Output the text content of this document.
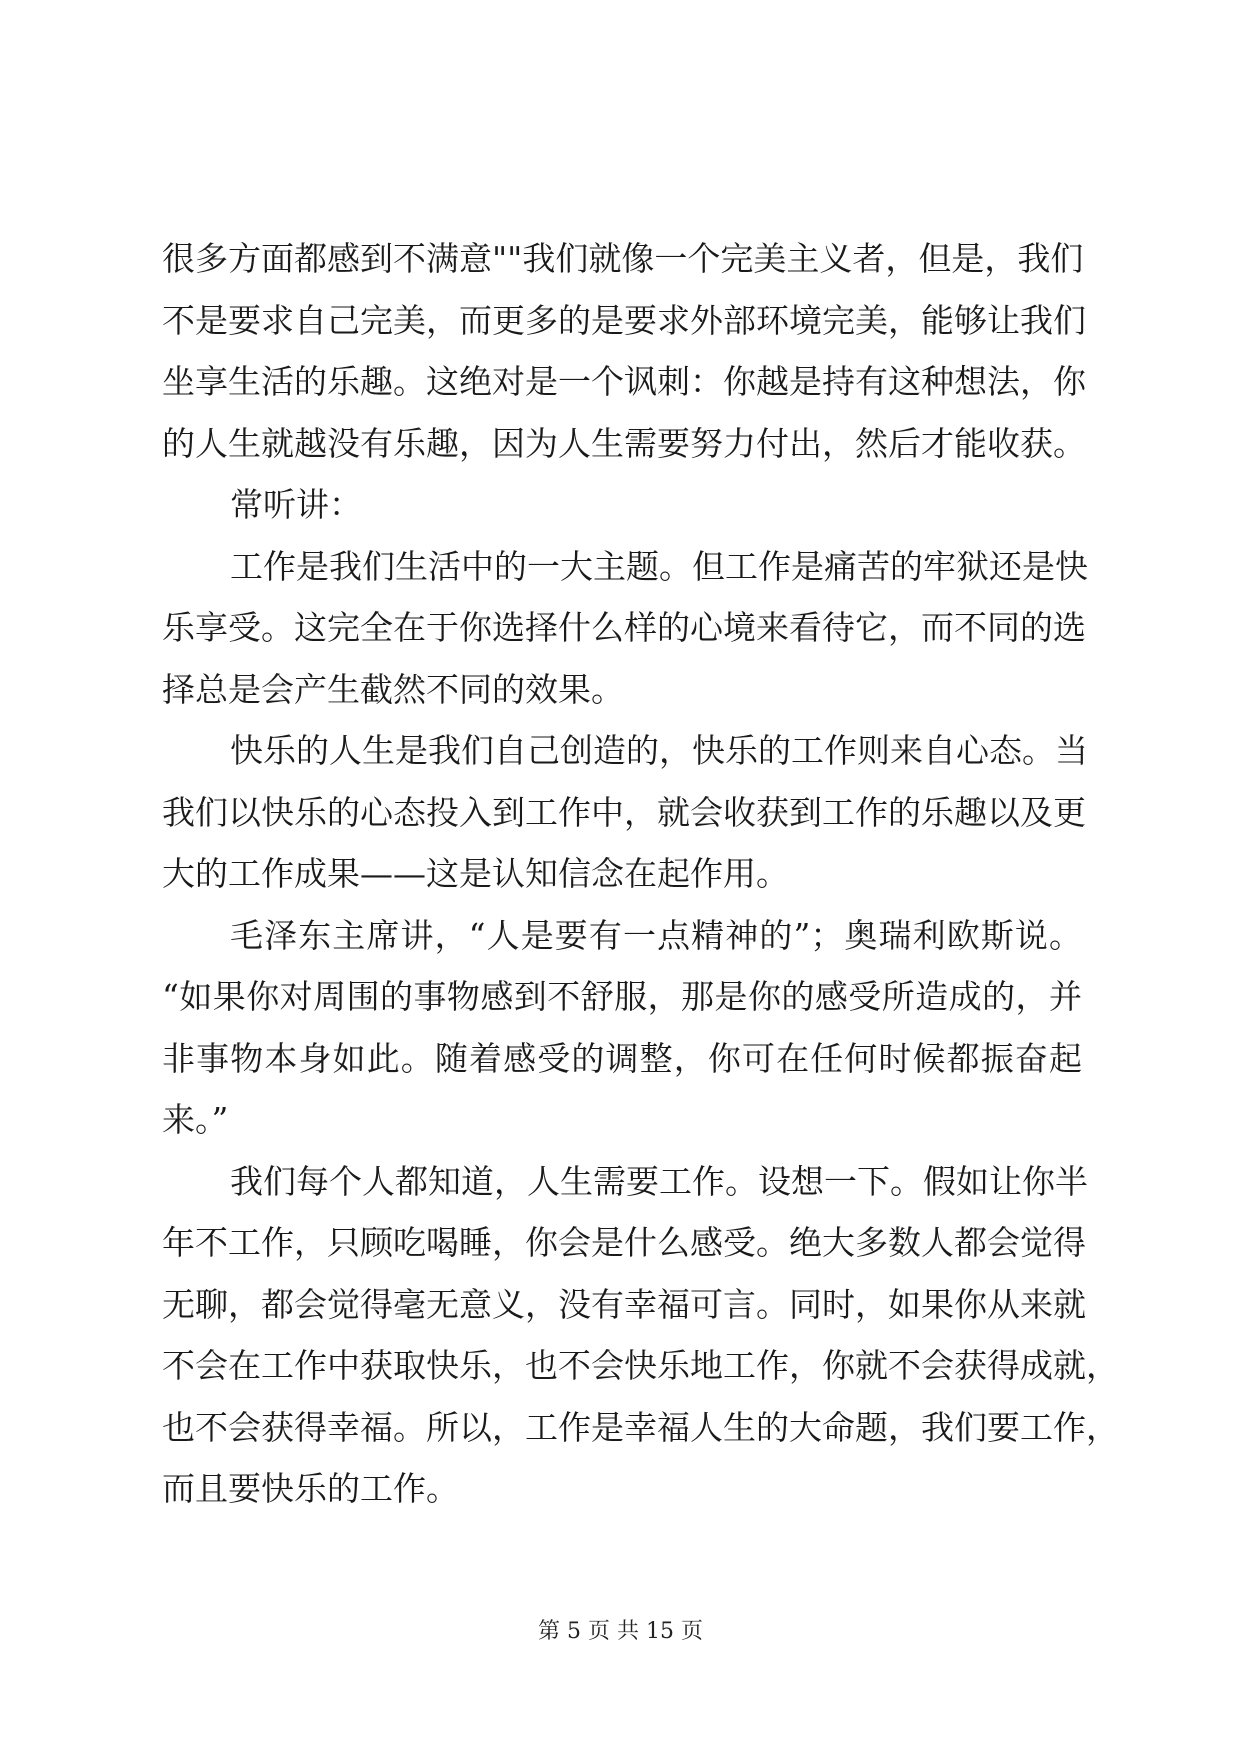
很多方面都感到不满意""我们就像一个完美主义者，但是，我们
不是要求自己完美，而更多的是要求外部环境完美，能够让我们
坐享生活的乐趣。这绝对是一个讽刺：你越是持有这种想法，你
的人生就越没有乐趣，因为人生需要努力付出，然后才能收获。
常听讲：
工作是我们生活中的一大主题。但工作是痛苦的牢狱还是快
乐享受。这完全在于你选择什么样的心境来看待它，而不同的选
择总是会产生截然不同的效果。
快乐的人生是我们自己创造的，快乐的工作则来自心态。当
我们以快乐的心态投入到工作中，就会收获到工作的乐趣以及更
大的工作成果——这是认知信念在起作用。
毛泽东主席讲，“人是要有一点精神的”；奥瑞利欧斯说。
“如果你对周围的事物感到不舒服，那是你的感受所造成的，并
非事物本身如此。随着感受的调整，你可在任何时候都振奋起
来。”
我们每个人都知道，人生需要工作。设想一下。假如让你半
年不工作，只顾吃喝睡，你会是什么感受。绝大多数人都会觉得
无聊，都会觉得毫无意义，没有幸福可言。同时，如果你从来就
不会在工作中获取快乐，也不会快乐地工作，你就不会获得成就，
也不会获得幸福。所以，工作是幸福人生的大命题，我们要工作，
而且要快乐的工作。
第 5 页 共 15 页
